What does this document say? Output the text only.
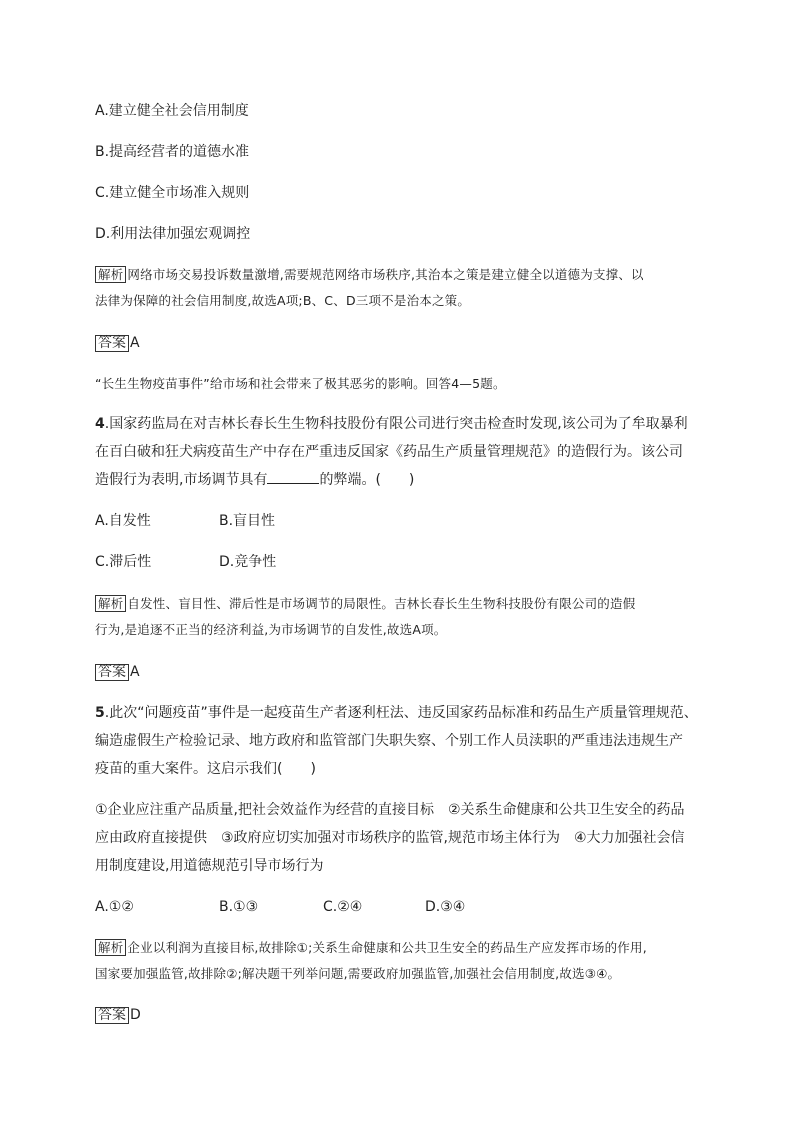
A.建立健全社会信用制度
B.提高经营者的道德水准
C.建立健全市场准入规则
D.利用法律加强宏观调控
解析 网络市场交易投诉数量激增,需要规范网络市场秩序,其治本之策是建立健全以道德为支撑、以
法律为保障的社会信用制度,故选A项;B、C、D三项不是治本之策。
答案 A
“长生生物疫苗事件”给市场和社会带来了极其恶劣的影响。回答4—5题。
4.国家药监局在对吉林长春长生生物科技股份有限公司进行突击检查时发现,该公司为了牟取暴利
在百白破和狂犬病疫苗生产中存在严重违反国家《药品生产质量管理规范》的造假行为。该公司
造假行为表明,市场调节具有	的弊端。(　　)
A.自发性	B.盲目性
C.滞后性	D.竞争性
解析 自发性、盲目性、滞后性是市场调节的局限性。吉林长春长生生物科技股份有限公司的造假
行为,是追逐不正当的经济利益,为市场调节的自发性,故选A项。
答案 A
5.此次“问题疫苗”事件是一起疫苗生产者逐利枉法、违反国家药品标准和药品生产质量管理规范、
编造虚假生产检验记录、地方政府和监管部门失职失察、个别工作人员渎职的严重违法违规生产
疫苗的重大案件。这启示我们(　　)
①企业应注重产品质量,把社会效益作为经营的直接目标　②关系生命健康和公共卫生安全的药品
应由政府直接提供　③政府应切实加强对市场秩序的监管,规范市场主体行为　④大力加强社会信
用制度建设,用道德规范引导市场行为
A.①②	B.①③	C.②④	D.③④
解析 企业以利润为直接目标,故排除①;关系生命健康和公共卫生安全的药品生产应发挥市场的作用,
国家要加强监管,故排除②;解决题干列举问题,需要政府加强监管,加强社会信用制度,故选③④。
答案 D
